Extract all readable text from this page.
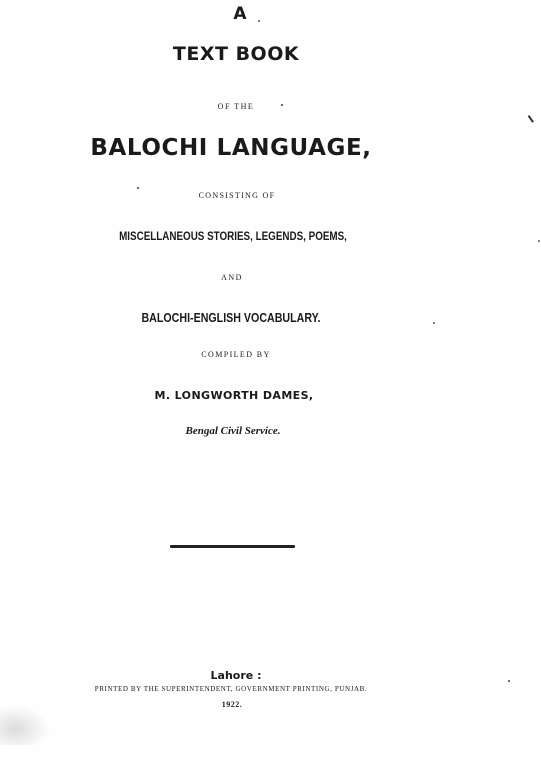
A
TEXT BOOK
OF THE
BALOCHI LANGUAGE,
CONSISTING OF
MISCELLANEOUS STORIES, LEGENDS, POEMS,
AND
BALOCHI-ENGLISH VOCABULARY.
COMPILED BY
M. LONGWORTH DAMES,
Bengal Civil Service.
Lahore :
PRINTED BY THE SUPERINTENDENT, GOVERNMENT PRINTING, PUNJAB.
1922.
